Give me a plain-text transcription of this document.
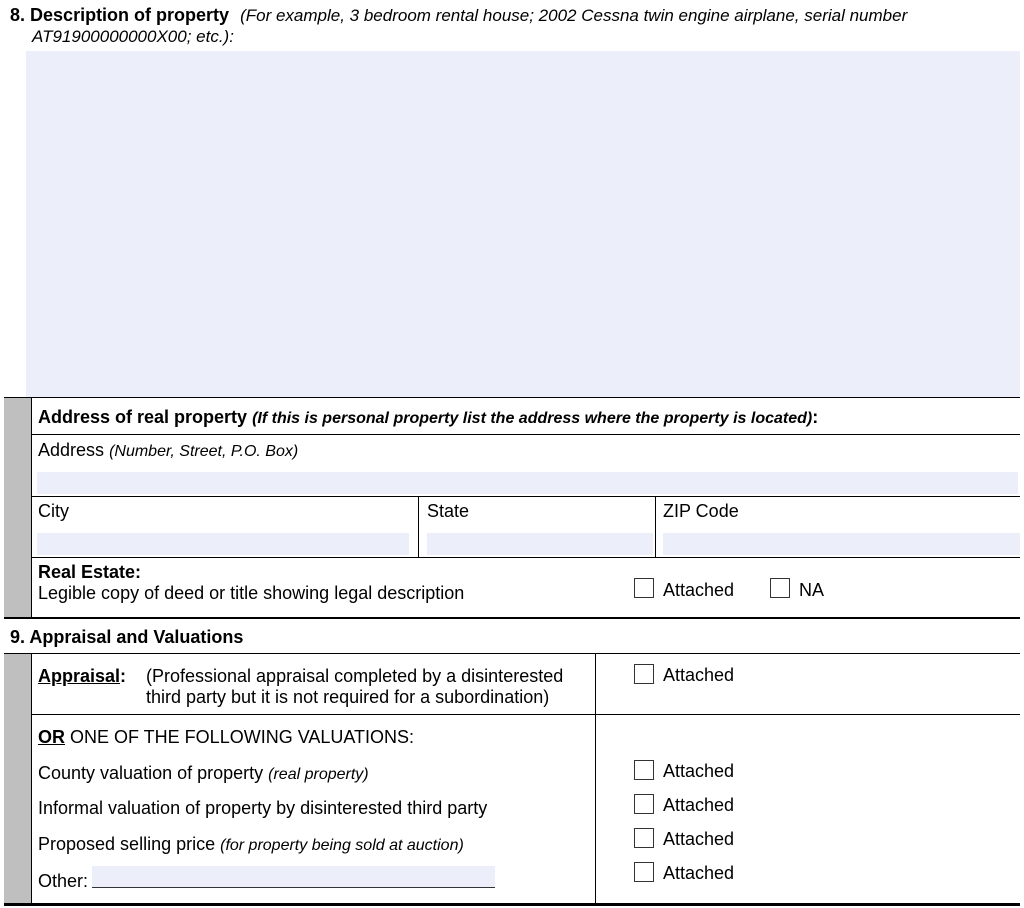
8. Description of property (For example, 3 bedroom rental house; 2002 Cessna twin engine airplane, serial number
AT91900000000X00; etc.):
Address of real property (If this is personal property list the address where the property is located):
Address (Number, Street, P.O. Box)
City	State	ZIP Code
Real Estate:
Legible copy of deed or title showing legal description	Attached	NA
9. Appraisal and Valuations
Appraisal: (Professional appraisal completed by a disinterested
third party but it is not required for a subordination)
Attached
OR ONE OF THE FOLLOWING VALUATIONS:
County valuation of property (real property)	Attached
Informal valuation of property by disinterested third party	Attached
Proposed selling price (for property being sold at auction)	Attached
Other:	Attached
